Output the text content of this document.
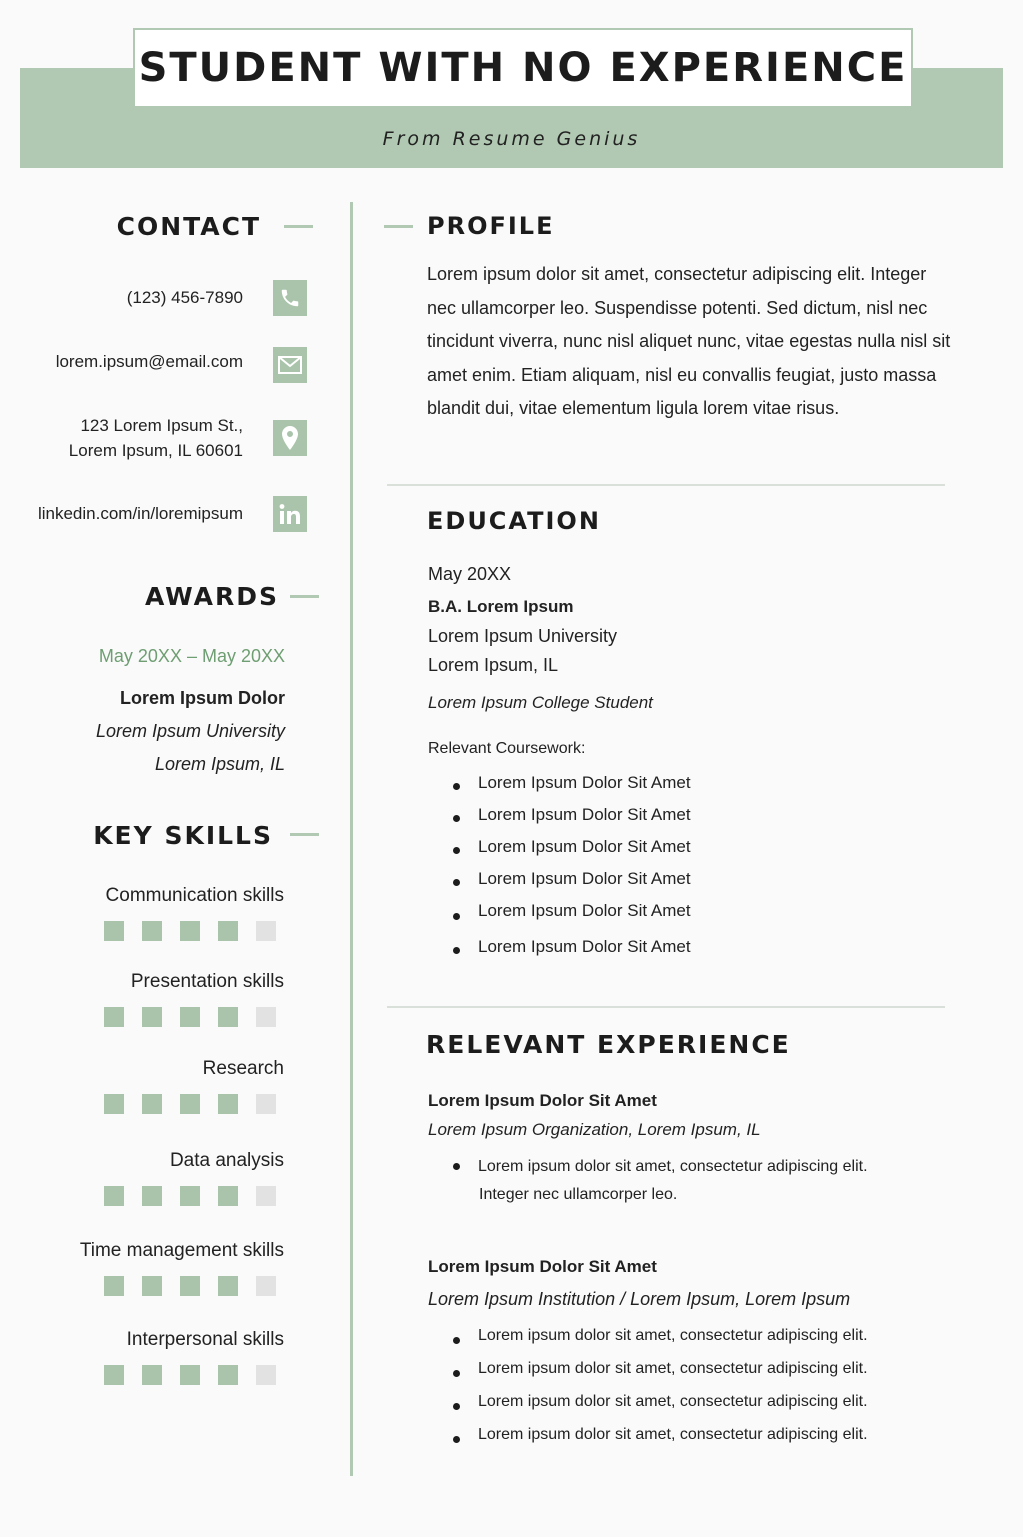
STUDENT WITH NO EXPERIENCE
From Resume Genius
CONTACT
(123) 456-7890
lorem.ipsum@email.com
123 Lorem Ipsum St.,
Lorem Ipsum, IL 60601
linkedin.com/in/loremipsum
AWARDS
May 20XX – May 20XX
Lorem Ipsum Dolor
Lorem Ipsum University
Lorem Ipsum, IL
KEY SKILLS
Communication skills
Presentation skills
Research
Data analysis
Time management skills
Interpersonal skills
PROFILE
Lorem ipsum dolor sit amet, consectetur adipiscing elit. Integer
nec ullamcorper leo. Suspendisse potenti. Sed dictum, nisl nec
tincidunt viverra, nunc nisl aliquet nunc, vitae egestas nulla nisl sit
amet enim. Etiam aliquam, nisl eu convallis feugiat, justo massa
blandit dui, vitae elementum ligula lorem vitae risus.
EDUCATION
May 20XX
B.A. Lorem Ipsum
Lorem Ipsum University
Lorem Ipsum, IL
Lorem Ipsum College Student
Relevant Coursework:
Lorem Ipsum Dolor Sit Amet
Lorem Ipsum Dolor Sit Amet
Lorem Ipsum Dolor Sit Amet
Lorem Ipsum Dolor Sit Amet
Lorem Ipsum Dolor Sit Amet
Lorem Ipsum Dolor Sit Amet
RELEVANT EXPERIENCE
Lorem Ipsum Dolor Sit Amet
Lorem Ipsum Organization, Lorem Ipsum, IL
Lorem ipsum dolor sit amet, consectetur adipiscing elit.
Integer nec ullamcorper leo.
Lorem Ipsum Dolor Sit Amet
Lorem Ipsum Institution / Lorem Ipsum, Lorem Ipsum
Lorem ipsum dolor sit amet, consectetur adipiscing elit.
Lorem ipsum dolor sit amet, consectetur adipiscing elit.
Lorem ipsum dolor sit amet, consectetur adipiscing elit.
Lorem ipsum dolor sit amet, consectetur adipiscing elit.
